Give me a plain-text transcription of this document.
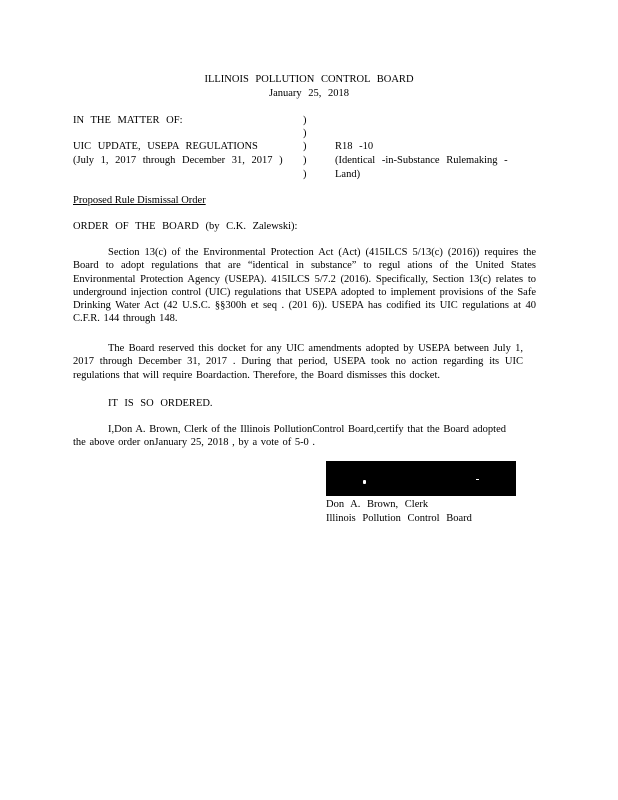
ILLINOIS POLLUTION CONTROL BOARD
January 25, 2018
IN THE MATTER OF:
UIC UPDATE, USEPA REGULATIONS
(July 1, 2017 through December 31, 2017 )
)
)
)
)
)
R18 -10
(Identical -in-Substance Rulemaking -
Land)
Proposed Rule Dismissal Order
ORDER OF THE BOARD (by C.K. Zalewski):
Section 13(c) of the Environmental Protection Act (Act) (415ILCS 5/13(c) (2016)) requires the Board to adopt regulations that are “identical in substance” to regul ations of the United States Environmental Protection Agency (USEPA). 415ILCS 5/7.2 (2016). Specifically, Section 13(c) relates to underground injection control (UIC) regulations that USEPA adopted to implement provisions of the Safe Drinking Water Act (42 U.S.C. §§300h et seq . (201 6)). USEPA has codified its UIC regulations at 40 C.F.R. 144 through 148.
The Board reserved this docket for any UIC amendments adopted by USEPA between July 1, 2017 through December 31, 2017 . During that period, USEPA took no action regarding its UIC regulations that will require Boardaction. Therefore, the Board dismisses this docket.
IT IS SO ORDERED.
I,Don A. Brown, Clerk of the Illinois PollutionControl Board,certify that the Board adopted the above order onJanuary 25, 2018 , by a vote of 5-0 .
Don A. Brown, Clerk
Illinois Pollution Control Board
